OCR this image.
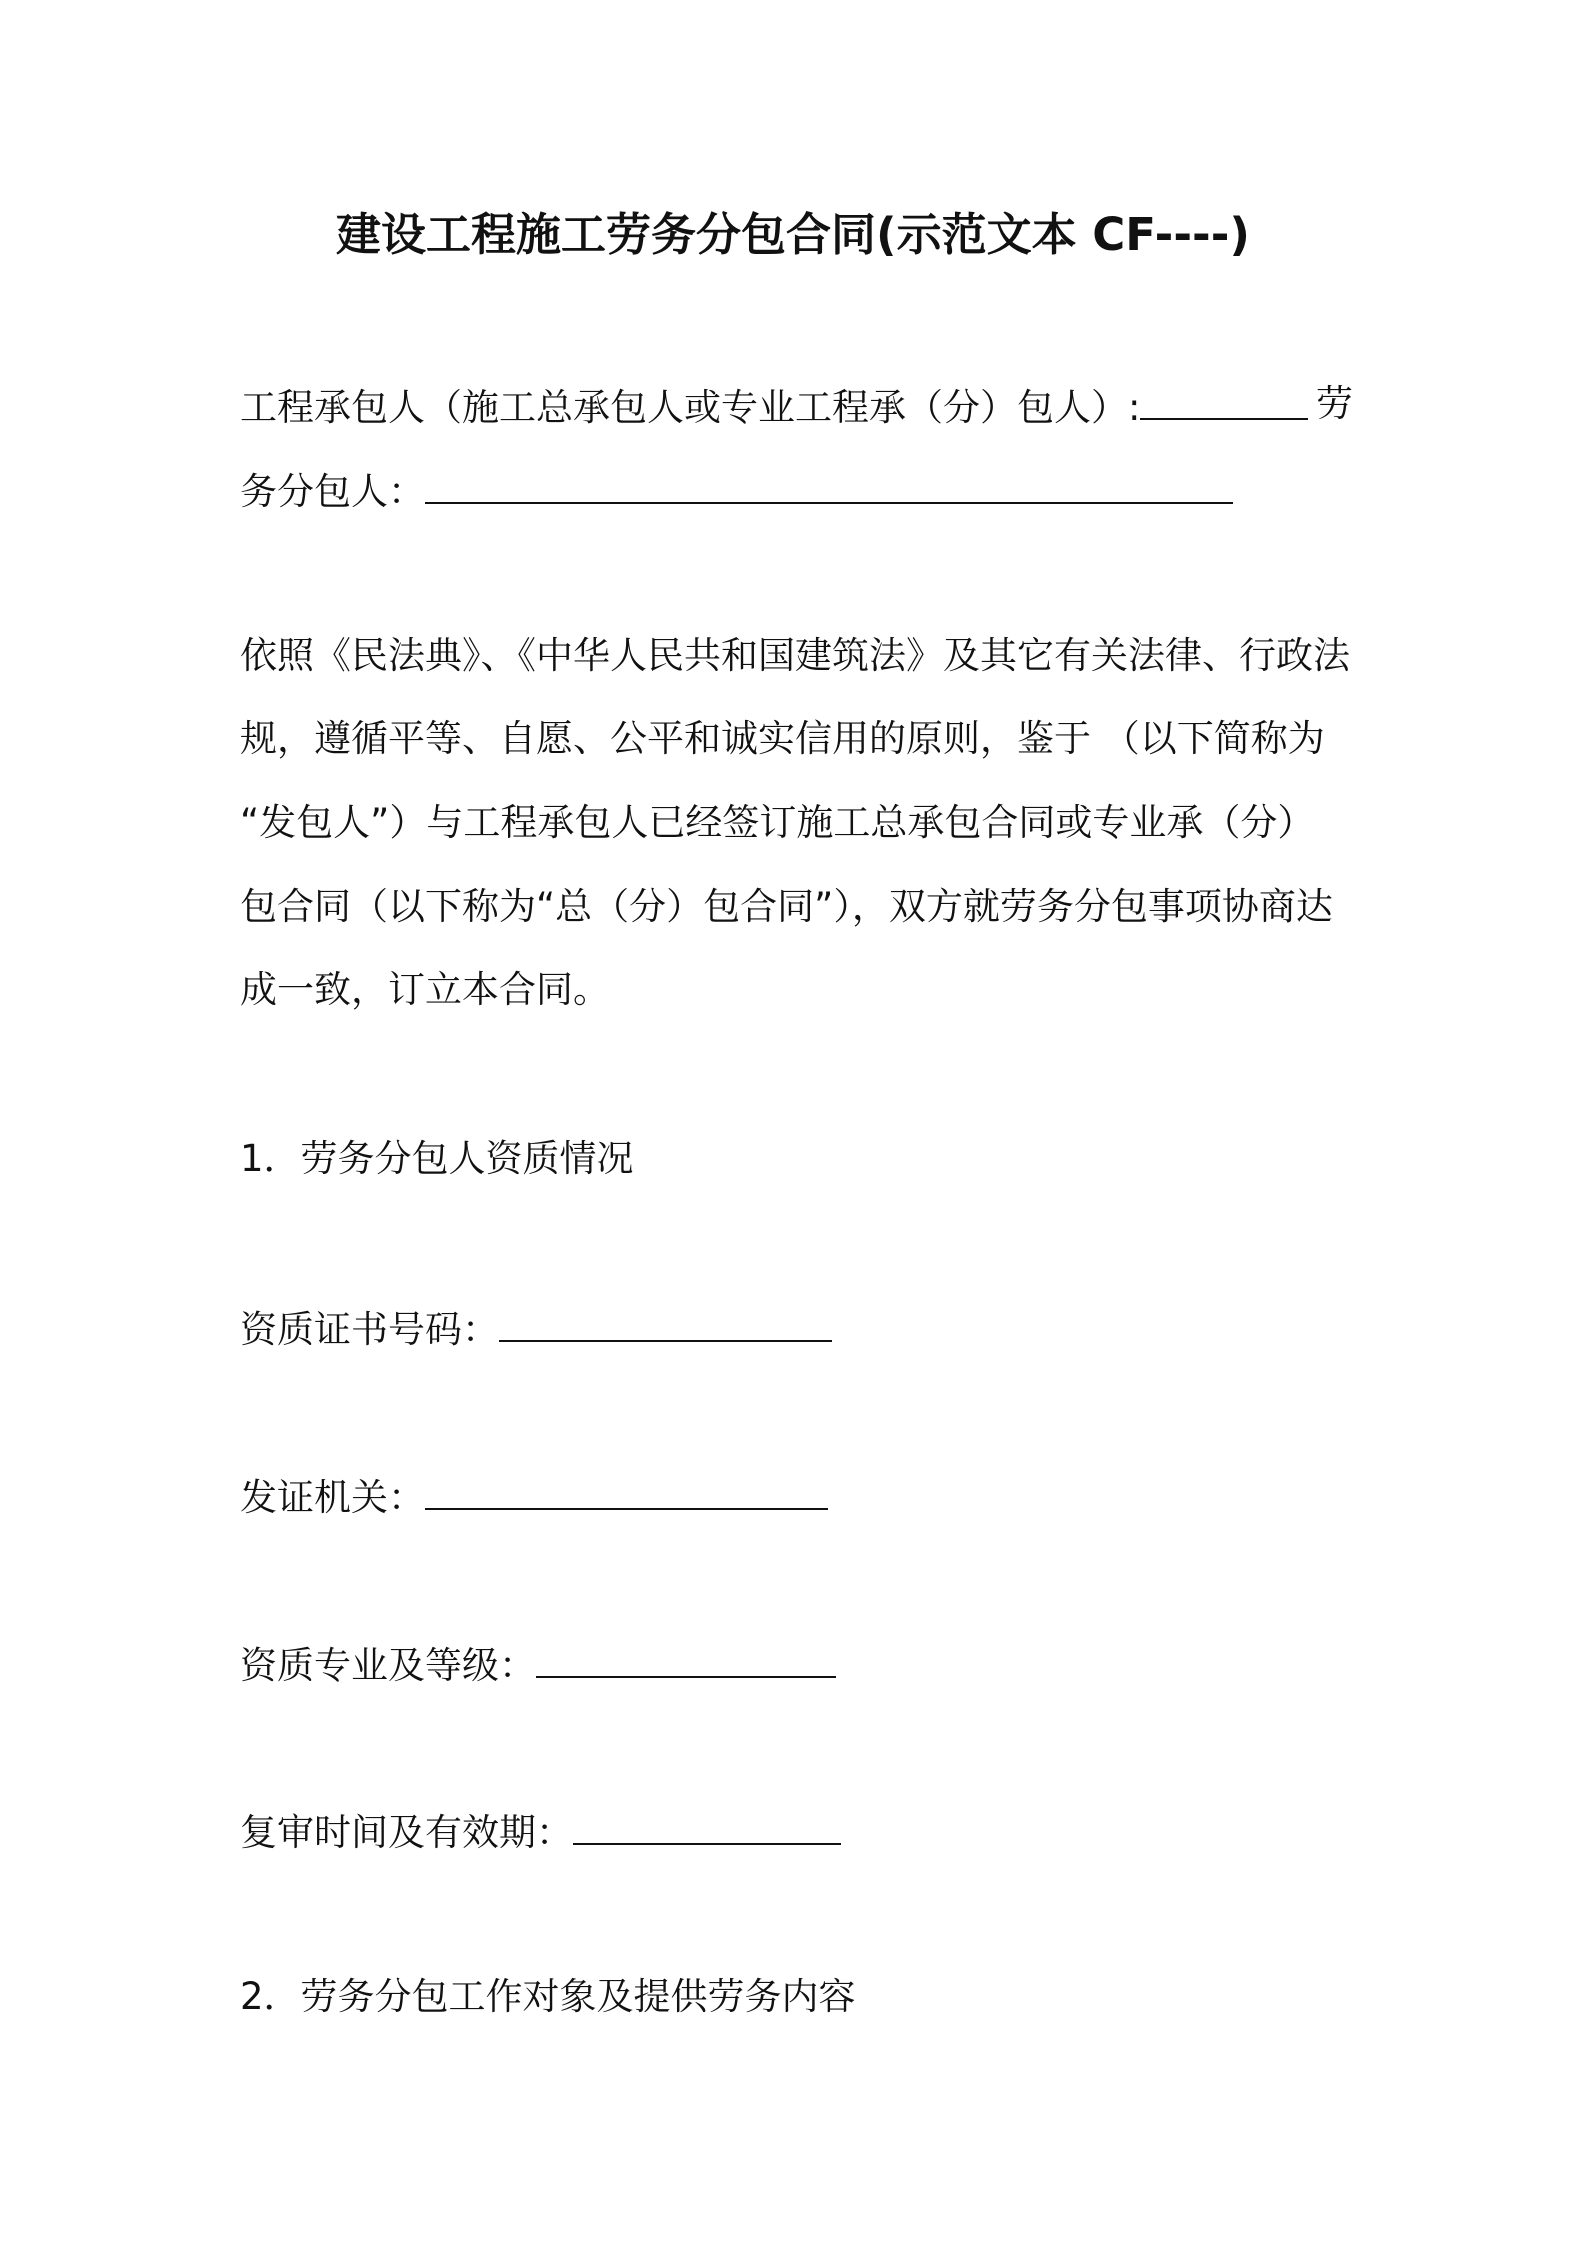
建设工程施工劳务分包合同(示范文本 CF----)
工程承包人（施工总承包人或专业工程承（分）包人）:	劳
务分包人：
依照《民法典》、《中华人民共和国建筑法》及其它有关法律、行政法
规，遵循平等、自愿、公平和诚实信用的原则，鉴于 （以下简称为
“发包人”）与工程承包人已经签订施工总承包合同或专业承（分）
包合同（以下称为“总（分）包合同”），双方就劳务分包事项协商达
成一致，订立本合同。
1．劳务分包人资质情况
资质证书号码：
发证机关：
资质专业及等级：
复审时间及有效期：
2．劳务分包工作对象及提供劳务内容
